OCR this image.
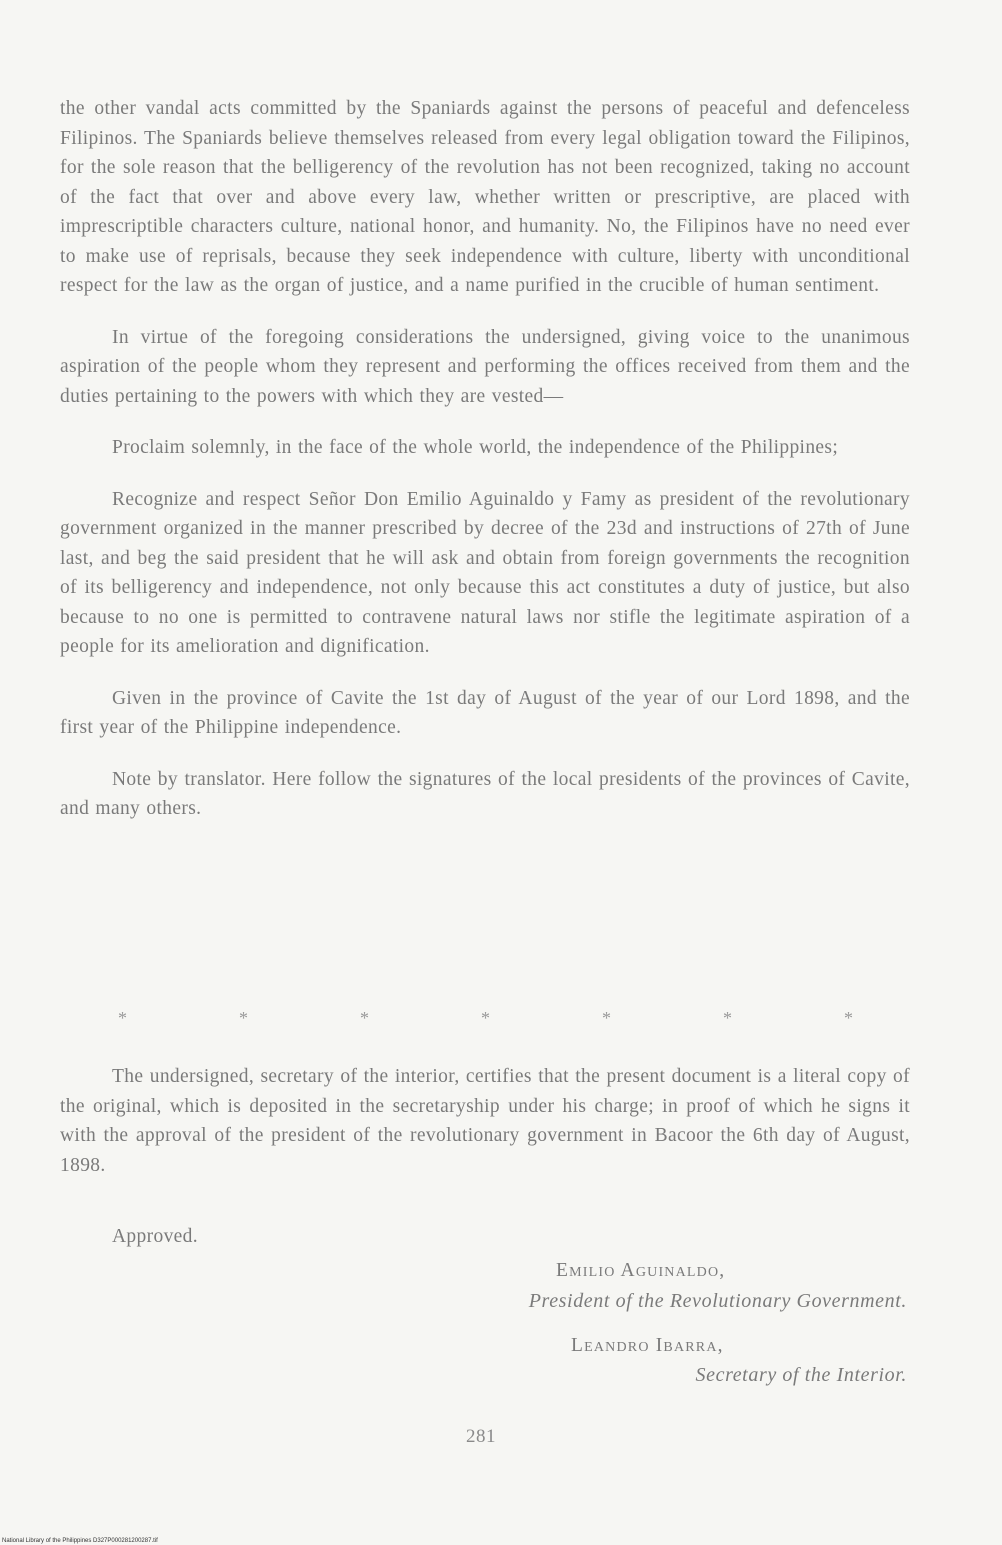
the other vandal acts committed by the Spaniards against the persons of peaceful and defenceless Filipinos. The Spaniards believe themselves released from every legal obligation toward the Filipinos, for the sole reason that the belligerency of the revolution has not been recognized, taking no account of the fact that over and above every law, whether written or prescriptive, are placed with imprescriptible characters culture, national honor, and humanity. No, the Filipinos have no need ever to make use of reprisals, because they seek independence with culture, liberty with unconditional respect for the law as the organ of justice, and a name purified in the crucible of human sentiment.

In virtue of the foregoing considerations the undersigned, giving voice to the unanimous aspiration of the people whom they represent and performing the offices received from them and the duties pertaining to the powers with which they are vested—

Proclaim solemnly, in the face of the whole world, the independence of the Philippines;

Recognize and respect Señor Don Emilio Aguinaldo y Famy as president of the revolutionary government organized in the manner prescribed by decree of the 23d and instructions of 27th of June last, and beg the said president that he will ask and obtain from foreign governments the recognition of its belligerency and independence, not only because this act constitutes a duty of justice, but also because to no one is permitted to contravene natural laws nor stifle the legitimate aspiration of a people for its amelioration and dignification.

Given in the province of Cavite the 1st day of August of the year of our Lord 1898, and the first year of the Philippine independence.

Note by translator. Here follow the signatures of the local presidents of the provinces of Cavite, and many others.

*	*	*	*	*	*	*

The undersigned, secretary of the interior, certifies that the present document is a literal copy of the original, which is deposited in the secretaryship under his charge; in proof of which he signs it with the approval of the president of the revolutionary government in Bacoor the 6th day of August, 1898.

Approved.
Emilio Aguinaldo,
President of the Revolutionary Government.
Leandro Ibarra,
Secretary of the Interior.
281
National Library of the Philippines D327P000281200287.tif
